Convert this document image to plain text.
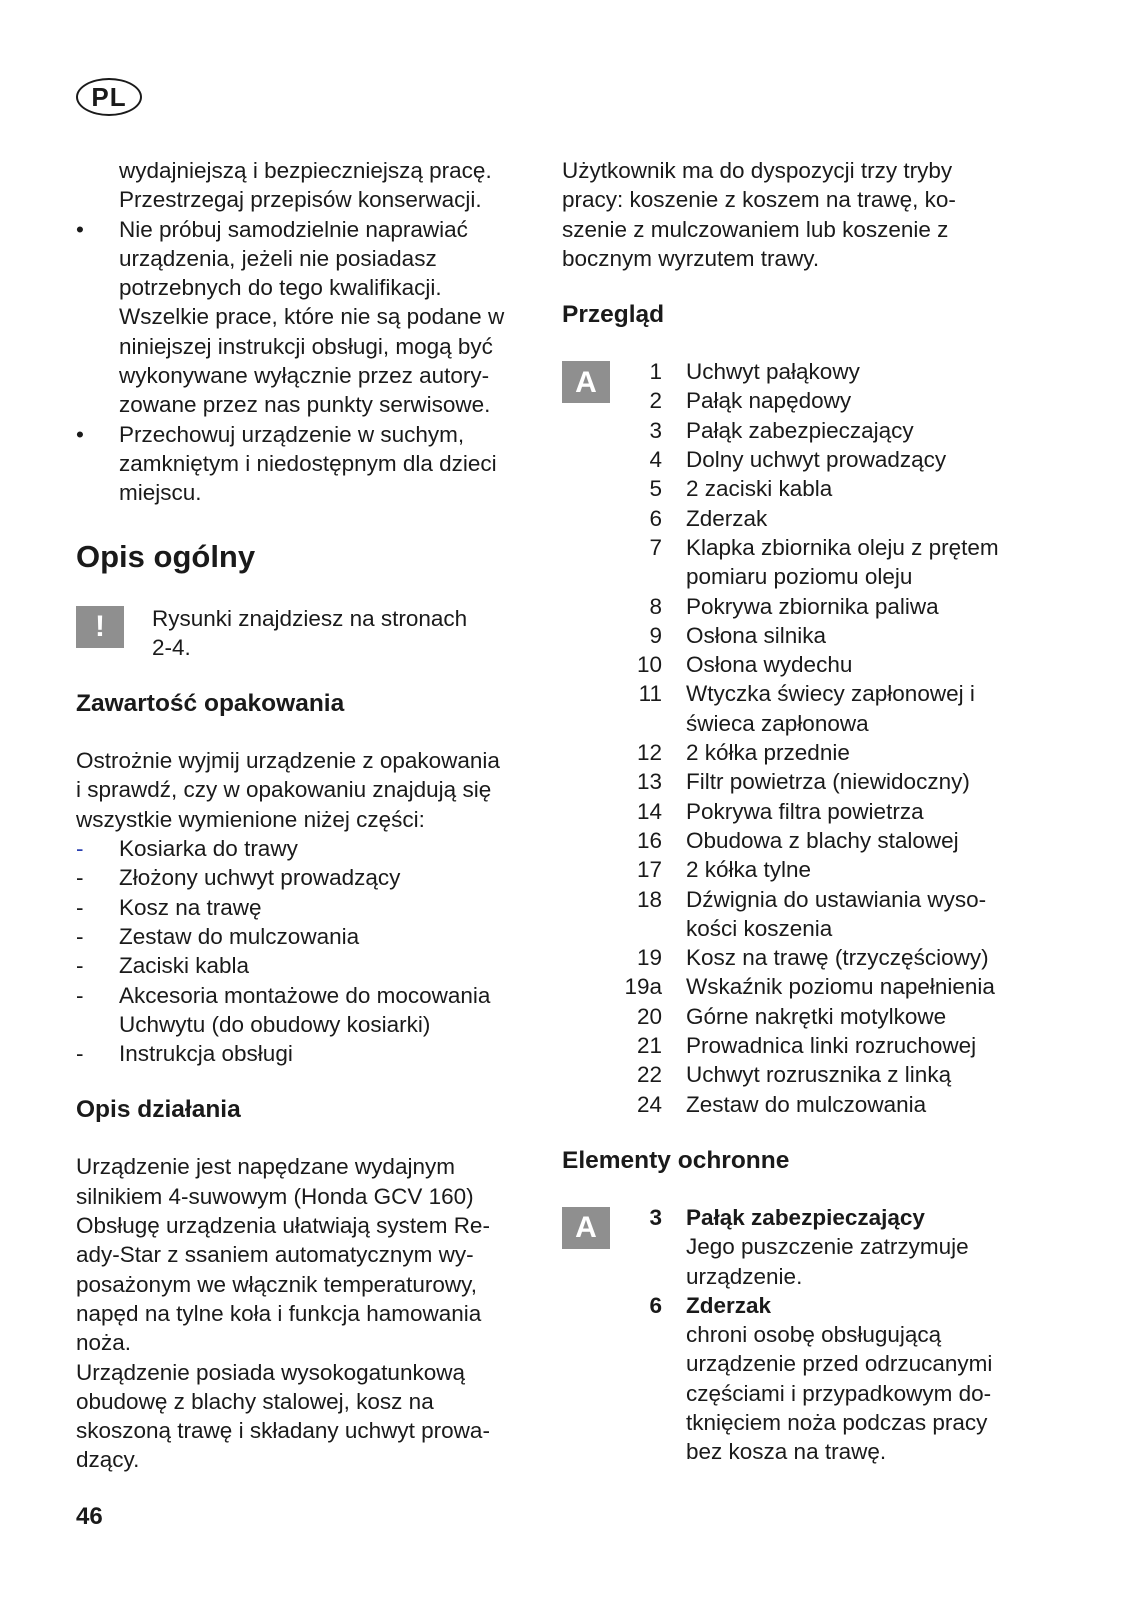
PL

wydajniejszą i bezpieczniejszą pracę.

Przestrzegaj przepisów konserwacji.

•	Nie próbuj samodzielnie naprawiać

urządzenia, jeżeli nie posiadasz

potrzebnych do tego kwalifikacji.

Wszelkie prace, które nie są podane w

niniejszej instrukcji obsługi, mogą być

wykonywane wyłącznie przez autory-

zowane przez nas punkty serwisowe.

•	Przechowuj urządzenie w suchym,

zamkniętym i niedostępnym dla dzieci

miejscu.

Opis ogólny
!	Rysunki znajdziesz na stronach

2-4.

Zawartość opakowania

Ostrożnie wyjmij urządzenie z opakowania

i sprawdź, czy w opakowaniu znajdują się

wszystkie wymienione niżej części:

-	Kosiarka do trawy

-	Złożony uchwyt prowadzący

-	Kosz na trawę

-	Zestaw do mulczowania

-	Zaciski kabla

-	Akcesoria montażowe do mocowania

Uchwytu (do obudowy kosiarki)

-	Instrukcja obsługi

Opis działania

Urządzenie jest napędzane wydajnym

silnikiem 4-suwowym (Honda GCV 160)

Obsługę urządzenia ułatwiają system Re-

ady-Star z ssaniem automatycznym wy-

posażonym we włącznik temperaturowy,

napęd na tylne koła i funkcja hamowania

noża.

Urządzenie posiada wysokogatunkową

obudowę z blachy stalowej, kosz na

skoszoną trawę i składany uchwyt prowa-

dzący.

Użytkownik ma do dyspozycji trzy tryby

pracy: koszenie z koszem na trawę, ko-

szenie z mulczowaniem lub koszenie z

bocznym wyrzutem trawy.

Przegląd
A	1 Uchwyt pałąkowy

2 Pałąk napędowy

3 Pałąk zabezpieczający

4 Dolny uchwyt prowadzący

5 2 zaciski kabla

6 Zderzak

7 Klapka zbiornika oleju z prętem

pomiaru poziomu oleju

8 Pokrywa zbiornika paliwa

9 Osłona silnika

10 Osłona wydechu

11 Wtyczka świecy zapłonowej i

świeca zapłonowa

12 2 kółka przednie

13 Filtr powietrza (niewidoczny)

14 Pokrywa filtra powietrza

16 Obudowa z blachy stalowej

17 2 kółka tylne

18 Dźwignia do ustawiania wyso-

kości koszenia

19 Kosz na trawę (trzyczęściowy)

19a Wskaźnik poziomu napełnienia

20 Górne nakrętki motylkowe

21 Prowadnica linki rozruchowej

22 Uchwyt rozrusznika z linką

24 Zestaw do mulczowania

Elementy ochronne
A	3 Pałąk zabezpieczający

Jego puszczenie zatrzymuje

urządzenie.

6 Zderzak

chroni osobę obsługującą

urządzenie przed odrzucanymi

częściami i przypadkowym do-

tknięciem noża podczas pracy

bez kosza na trawę.

46
